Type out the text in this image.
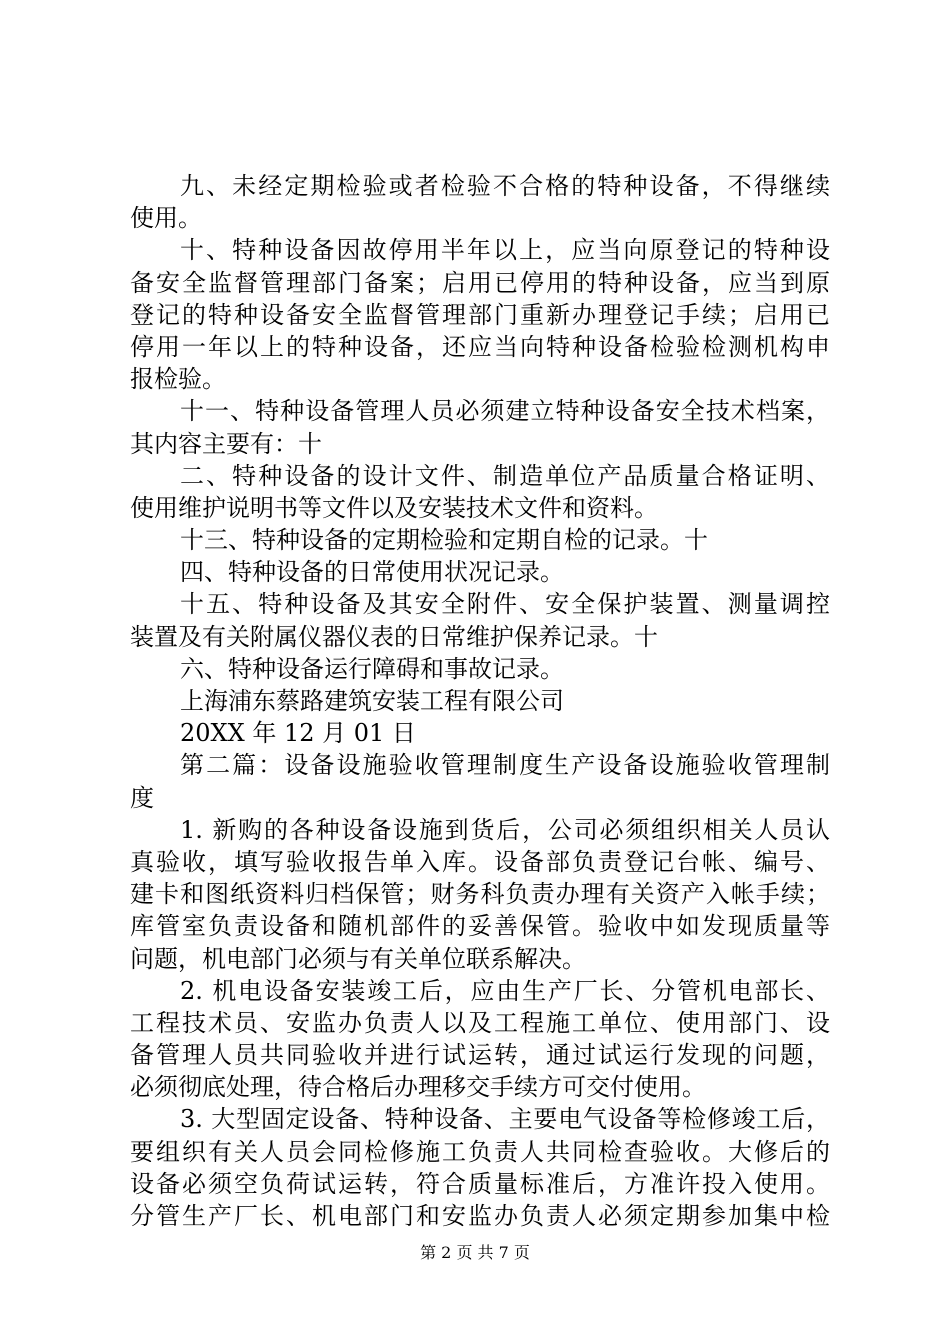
九、未经定期检验或者检验不合格的特种设备，不得继续
使用。
十、特种设备因故停用半年以上，应当向原登记的特种设
备安全监督管理部门备案；启用已停用的特种设备，应当到原
登记的特种设备安全监督管理部门重新办理登记手续；启用已
停用一年以上的特种设备，还应当向特种设备检验检测机构申
报检验。
十一、特种设备管理人员必须建立特种设备安全技术档案，
其内容主要有：十
二、特种设备的设计文件、制造单位产品质量合格证明、
使用维护说明书等文件以及安装技术文件和资料。
十三、特种设备的定期检验和定期自检的记录。十
四、特种设备的日常使用状况记录。
十五、特种设备及其安全附件、安全保护装置、测量调控
装置及有关附属仪器仪表的日常维护保养记录。十
六、特种设备运行障碍和事故记录。
上海浦东蔡路建筑安装工程有限公司
20XX 年 12 月 01 日
第二篇：设备设施验收管理制度生产设备设施验收管理制
度
1. 新购的各种设备设施到货后，公司必须组织相关人员认
真验收，填写验收报告单入库。设备部负责登记台帐、编号、
建卡和图纸资料归档保管；财务科负责办理有关资产入帐手续；
库管室负责设备和随机部件的妥善保管。验收中如发现质量等
问题，机电部门必须与有关单位联系解决。
2. 机电设备安装竣工后，应由生产厂长、分管机电部长、
工程技术员、安监办负责人以及工程施工单位、使用部门、设
备管理人员共同验收并进行试运转，通过试运行发现的问题，
必须彻底处理，待合格后办理移交手续方可交付使用。
3. 大型固定设备、特种设备、主要电气设备等检修竣工后，
要组织有关人员会同检修施工负责人共同检查验收。大修后的
设备必须空负荷试运转，符合质量标准后，方准许投入使用。
分管生产厂长、机电部门和安监办负责人必须定期参加集中检
第 2 页 共 7 页
